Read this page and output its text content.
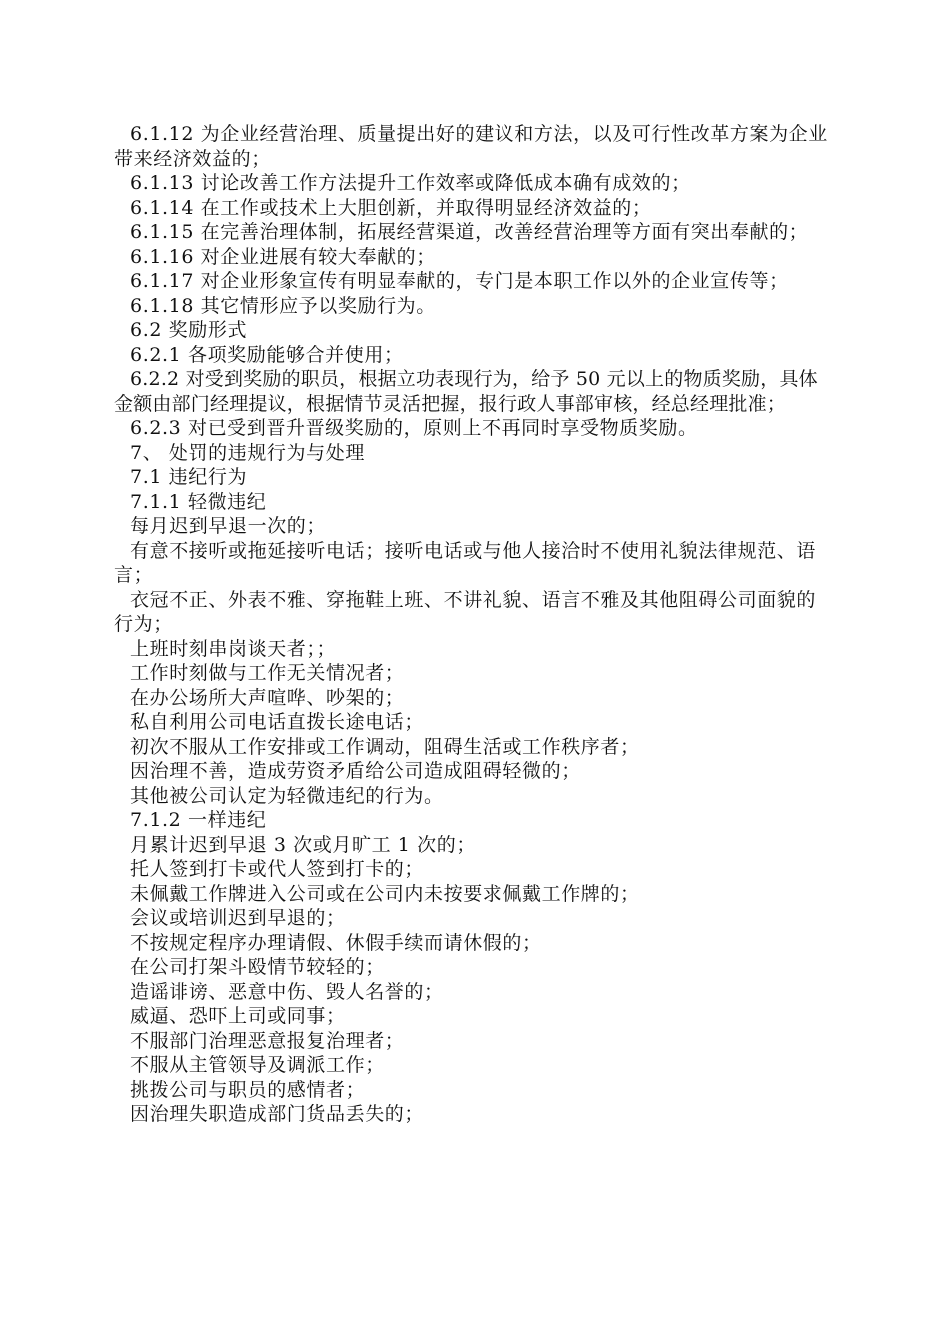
6.1.12 为企业经营治理、质量提出好的建议和方法，以及可行性改革方案为企业带来经济效益的；

6.1.13 讨论改善工作方法提升工作效率或降低成本确有成效的；

6.1.14 在工作或技术上大胆创新，并取得明显经济效益的；

6.1.15 在完善治理体制，拓展经营渠道，改善经营治理等方面有突出奉献的；

6.1.16 对企业进展有较大奉献的；

6.1.17 对企业形象宣传有明显奉献的，专门是本职工作以外的企业宣传等；

6.1.18 其它情形应予以奖励行为。

6.2 奖励形式

6.2.1 各项奖励能够合并使用；

6.2.2 对受到奖励的职员，根据立功表现行为，给予 50 元以上的物质奖励，具体金额由部门经理提议，根据情节灵活把握，报行政人事部审核，经总经理批准；

6.2.3 对已受到晋升晋级奖励的，原则上不再同时享受物质奖励。

7、 处罚的违规行为与处理

7.1 违纪行为

7.1.1 轻微违纪

每月迟到早退一次的；

有意不接听或拖延接听电话；接听电话或与他人接洽时不使用礼貌法律规范、语言；

衣冠不正、外表不雅、穿拖鞋上班、不讲礼貌、语言不雅及其他阻碍公司面貌的行为；

上班时刻串岗谈天者；；

工作时刻做与工作无关情况者；

在办公场所大声喧哗、吵架的；

私自利用公司电话直拨长途电话；

初次不服从工作安排或工作调动，阻碍生活或工作秩序者；

因治理不善，造成劳资矛盾给公司造成阻碍轻微的；

其他被公司认定为轻微违纪的行为。

7.1.2 一样违纪

月累计迟到早退 3 次或月旷工 1 次的；

托人签到打卡或代人签到打卡的；

未佩戴工作牌进入公司或在公司内未按要求佩戴工作牌的；

会议或培训迟到早退的；

不按规定程序办理请假、休假手续而请休假的；

在公司打架斗殴情节较轻的；

造谣诽谤、恶意中伤、毁人名誉的；

威逼、恐吓上司或同事；

不服部门治理恶意报复治理者；

不服从主管领导及调派工作；

挑拨公司与职员的感情者；

因治理失职造成部门货品丢失的；
